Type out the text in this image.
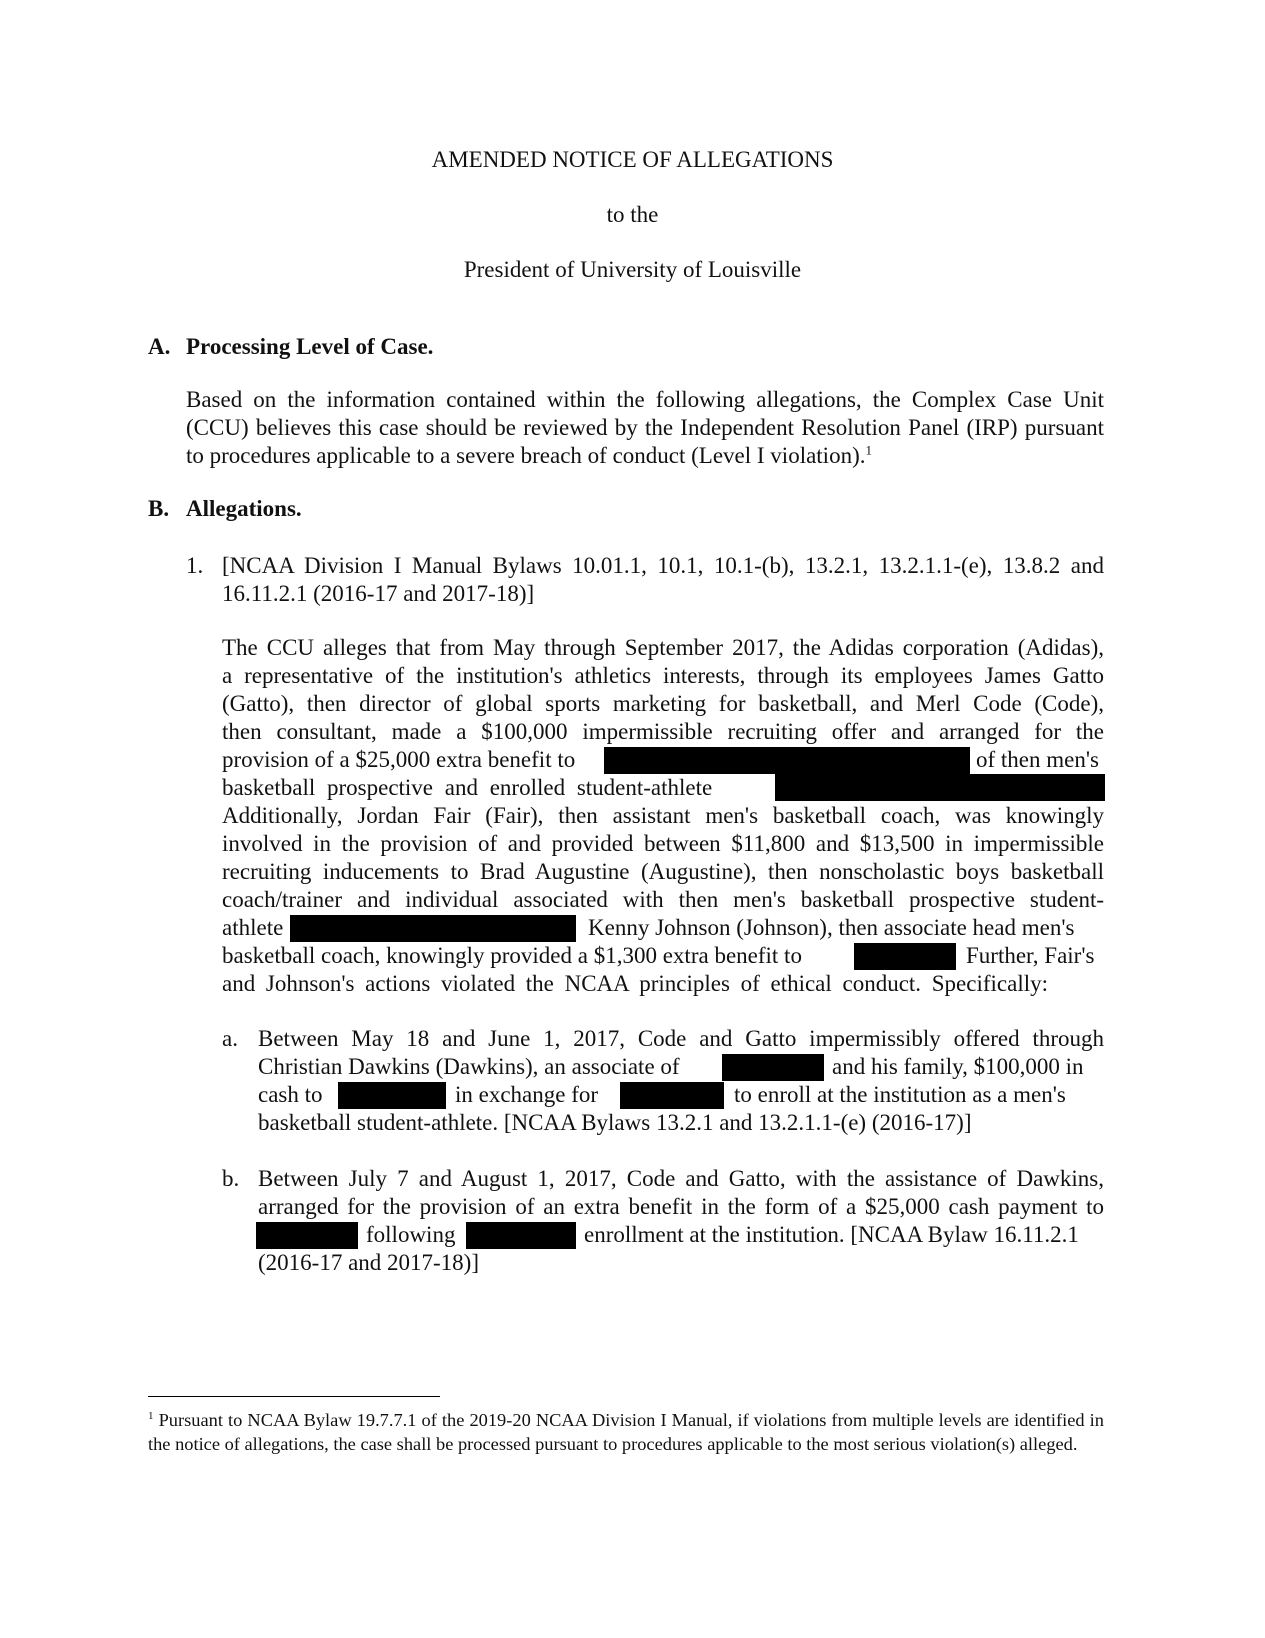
AMENDED NOTICE OF ALLEGATIONS
to the
President of University of Louisville
A. Processing Level of Case.
Based on the information contained within the following allegations, the Complex Case Unit (CCU) believes this case should be reviewed by the Independent Resolution Panel (IRP) pursuant to procedures applicable to a severe breach of conduct (Level I violation).$^1$
B. Allegations.
1. [NCAA Division I Manual Bylaws 10.01.1, 10.1, 10.1-(b), 13.2.1, 13.2.1.1-(e), 13.8.2 and
16.11.2.1 (2016-17 and 2017-18)]
The CCU alleges that from May through September 2017, the Adidas corporation (Adidas),
a representative of the institution's athletics interests, through its employees James Gatto
(Gatto), then director of global sports marketing for basketball, and Merl Code (Code),
then consultant, made a $100,000 impermissible recruiting offer and arranged for the
provision of a $25,000 extra benefit to	of then men's
basketball prospective and enrolled student-athlete
Additionally, Jordan Fair (Fair), then assistant men's basketball coach, was knowingly
involved in the provision of and provided between $11,800 and $13,500 in impermissible
recruiting inducements to Brad Augustine (Augustine), then nonscholastic boys basketball
coach/trainer and individual associated with then men's basketball prospective student-
athlete	Kenny Johnson (Johnson), then associate head men's
basketball coach, knowingly provided a $1,300 extra benefit to	Further, Fair's
and Johnson's actions violated the NCAA principles of ethical conduct. Specifically:
a. Between May 18 and June 1, 2017, Code and Gatto impermissibly offered through
Christian Dawkins (Dawkins), an associate of	and his family, $100,000 in
cash to	in exchange for	to enroll at the institution as a men's
basketball student-athlete. [NCAA Bylaws 13.2.1 and 13.2.1.1-(e) (2016-17)]
b. Between July 7 and August 1, 2017, Code and Gatto, with the assistance of Dawkins,
arranged for the provision of an extra benefit in the form of a $25,000 cash payment to
following	enrollment at the institution. [NCAA Bylaw 16.11.2.1
(2016-17 and 2017-18)]
$^1$ Pursuant to NCAA Bylaw 19.7.7.1 of the 2019-20 NCAA Division I Manual, if violations from multiple levels are identified in the notice of allegations, the case shall be processed pursuant to procedures applicable to the most serious violation(s) alleged.
